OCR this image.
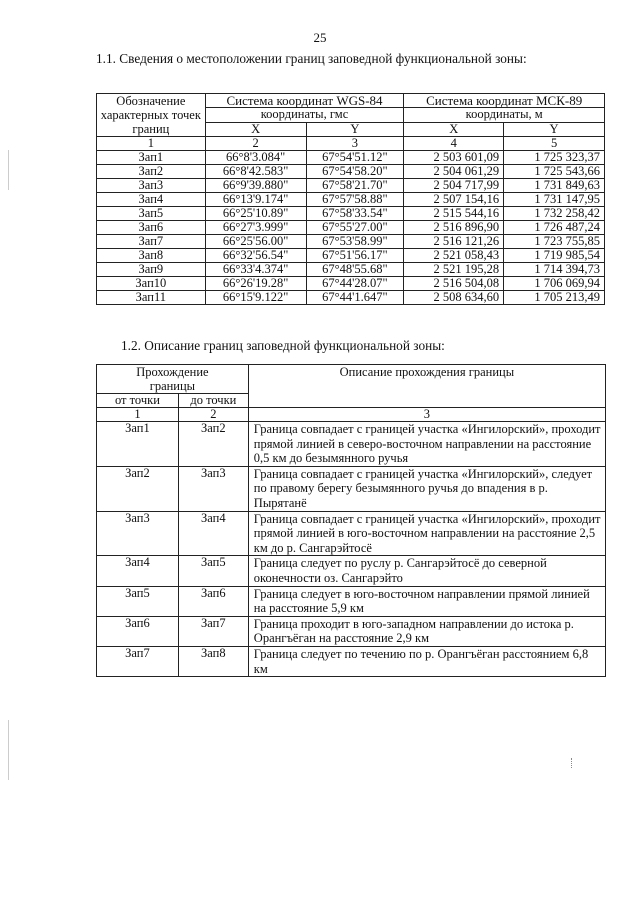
25
1.1. Сведения о местоположении границ заповедной функциональной зоны:
Обозначение характерных точек границ	Система координат WGS-84		Система координат МСК-89	
	координаты, гмс		координаты, м	
	X	Y	X	Y
1	2	3	4	5
Зап1	66°8'3.084"	67°54'51.12"	2 503 601,09	1 725 323,37
Зап2	66°8'42.583"	67°54'58.20"	2 504 061,29	1 725 543,66
Зап3	66°9'39.880"	67°58'21.70"	2 504 717,99	1 731 849,63
Зап4	66°13'9.174"	67°57'58.88"	2 507 154,16	1 731 147,95
Зап5	66°25'10.89"	67°58'33.54"	2 515 544,16	1 732 258,42
Зап6	66°27'3.999"	67°55'27.00"	2 516 896,90	1 726 487,24
Зап7	66°25'56.00"	67°53'58.99"	2 516 121,26	1 723 755,85
Зап8	66°32'56.54"	67°51'56.17"	2 521 058,43	1 719 985,54
Зап9	66°33'4.374"	67°48'55.68"	2 521 195,28	1 714 394,73
Зап10	66°26'19.28"	67°44'28.07"	2 516 504,08	1 706 069,94
Зап11	66°15'9.122"	67°44'1.647"	2 508 634,60	1 705 213,49
1.2. Описание границ заповедной функциональной зоны:
Прохождение границы		Описание прохождения границы
от точки	до точки	
1	2	3
Зап1	Зап2	Граница совпадает с границей участка «Ингилорский», проходит прямой линией в северо-восточном направлении на расстояние 0,5 км до безымянного ручья
Зап2	Зап3	Граница совпадает с границей участка «Ингилорский», следует по правому берегу безымянного ручья до впадения в р. Пырятанё
Зап3	Зап4	Граница совпадает с границей участка «Ингилорский», проходит прямой линией в юго-восточном направлении на расстояние 2,5 км до р. Сангарэйтосё
Зап4	Зап5	Граница следует по руслу р. Сангарэйтосё до северной оконечности оз. Сангарэйто
Зап5	Зап6	Граница следует в юго-восточном направлении прямой линией на расстояние 5,9 км
Зап6	Зап7	Граница проходит в юго-западном направлении до истока р. Орангъёган на расстояние 2,9 км
Зап7	Зап8	Граница следует по течению по р. Орангъёган расстоянием 6,8 км
